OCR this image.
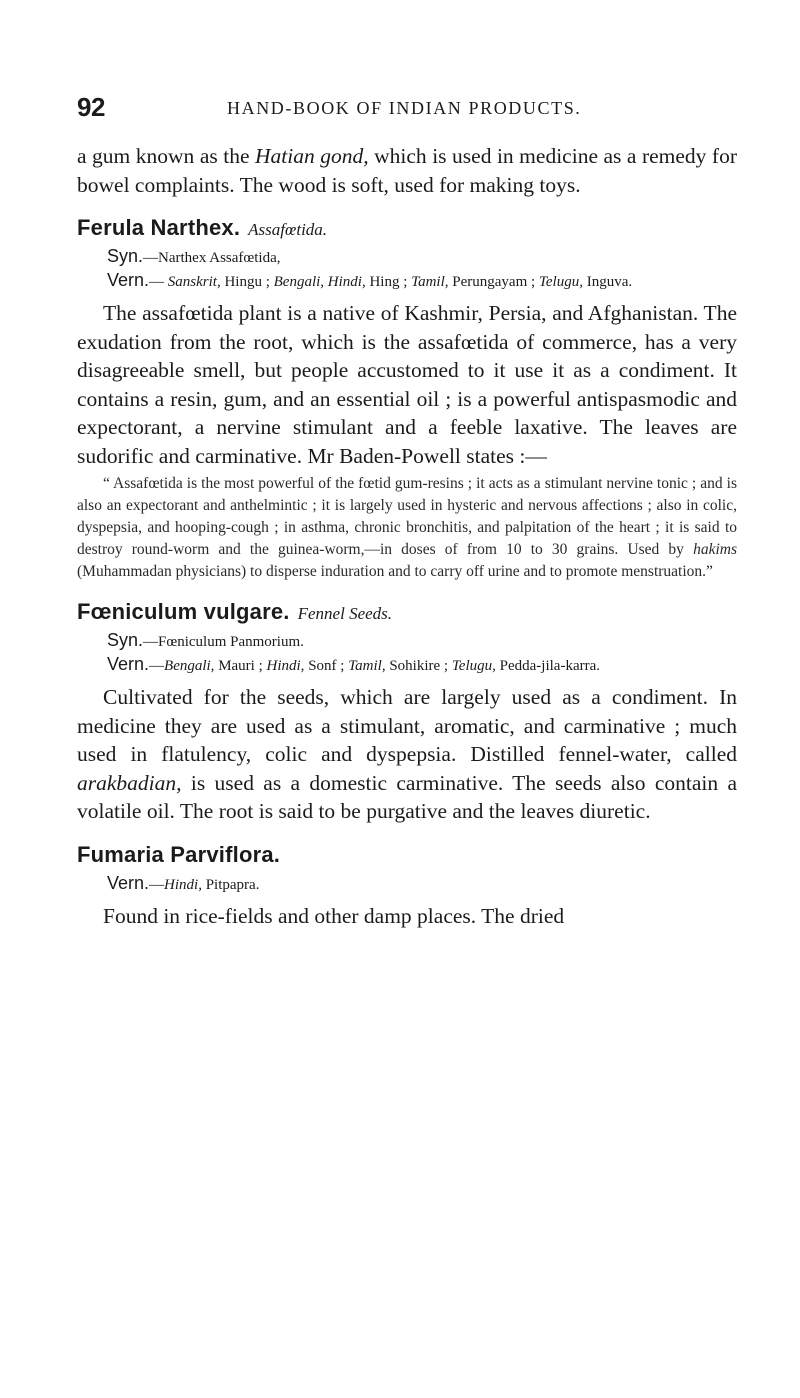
92	HAND-BOOK OF INDIAN PRODUCTS.

a gum known as the Hatian gond, which is used in medicine as a remedy for bowel complaints. The wood is soft, used for making toys.

Ferula Narthex. Assafœtida.
Syn.—Narthex Assafœtida,
Vern.— Sanskrit, Hingu ; Bengali, Hindi, Hing ; Tamil, Perungayam ; Telugu, Inguva.

The assafœtida plant is a native of Kashmir, Persia, and Afghanistan. The exudation from the root, which is the assafœtida of commerce, has a very disagreeable smell, but people accustomed to it use it as a condiment. It contains a resin, gum, and an essential oil ; is a powerful antispasmodic and expectorant, a nervine stimulant and a feeble laxative. The leaves are sudorific and carminative. Mr Baden-Powell states :—

“ Assafœtida is the most powerful of the fœtid gum-resins ; it acts as a stimulant nervine tonic ; and is also an expectorant and anthelmintic ; it is largely used in hysteric and nervous affections ; also in colic, dyspepsia, and hooping-cough ; in asthma, chronic bronchitis, and palpitation of the heart ; it is said to destroy round-worm and the guinea-worm,—in doses of from 10 to 30 grains. Used by hakims (Muhammadan physicians) to disperse induration and to carry off urine and to promote menstruation.”

Fœniculum vulgare. Fennel Seeds.
Syn.—Fœniculum Panmorium.
Vern.—Bengali, Mauri ; Hindi, Sonf ; Tamil, Sohikire ; Telugu, Pedda-jila-karra.

Cultivated for the seeds, which are largely used as a condiment. In medicine they are used as a stimulant, aromatic, and carminative ; much used in flatulency, colic and dyspepsia. Distilled fennel-water, called arakbadian, is used as a domestic carminative. The seeds also contain a volatile oil. The root is said to be purgative and the leaves diuretic.

Fumaria Parviflora.
Vern.—Hindi, Pitpapra.

Found in rice-fields and other damp places. The dried
